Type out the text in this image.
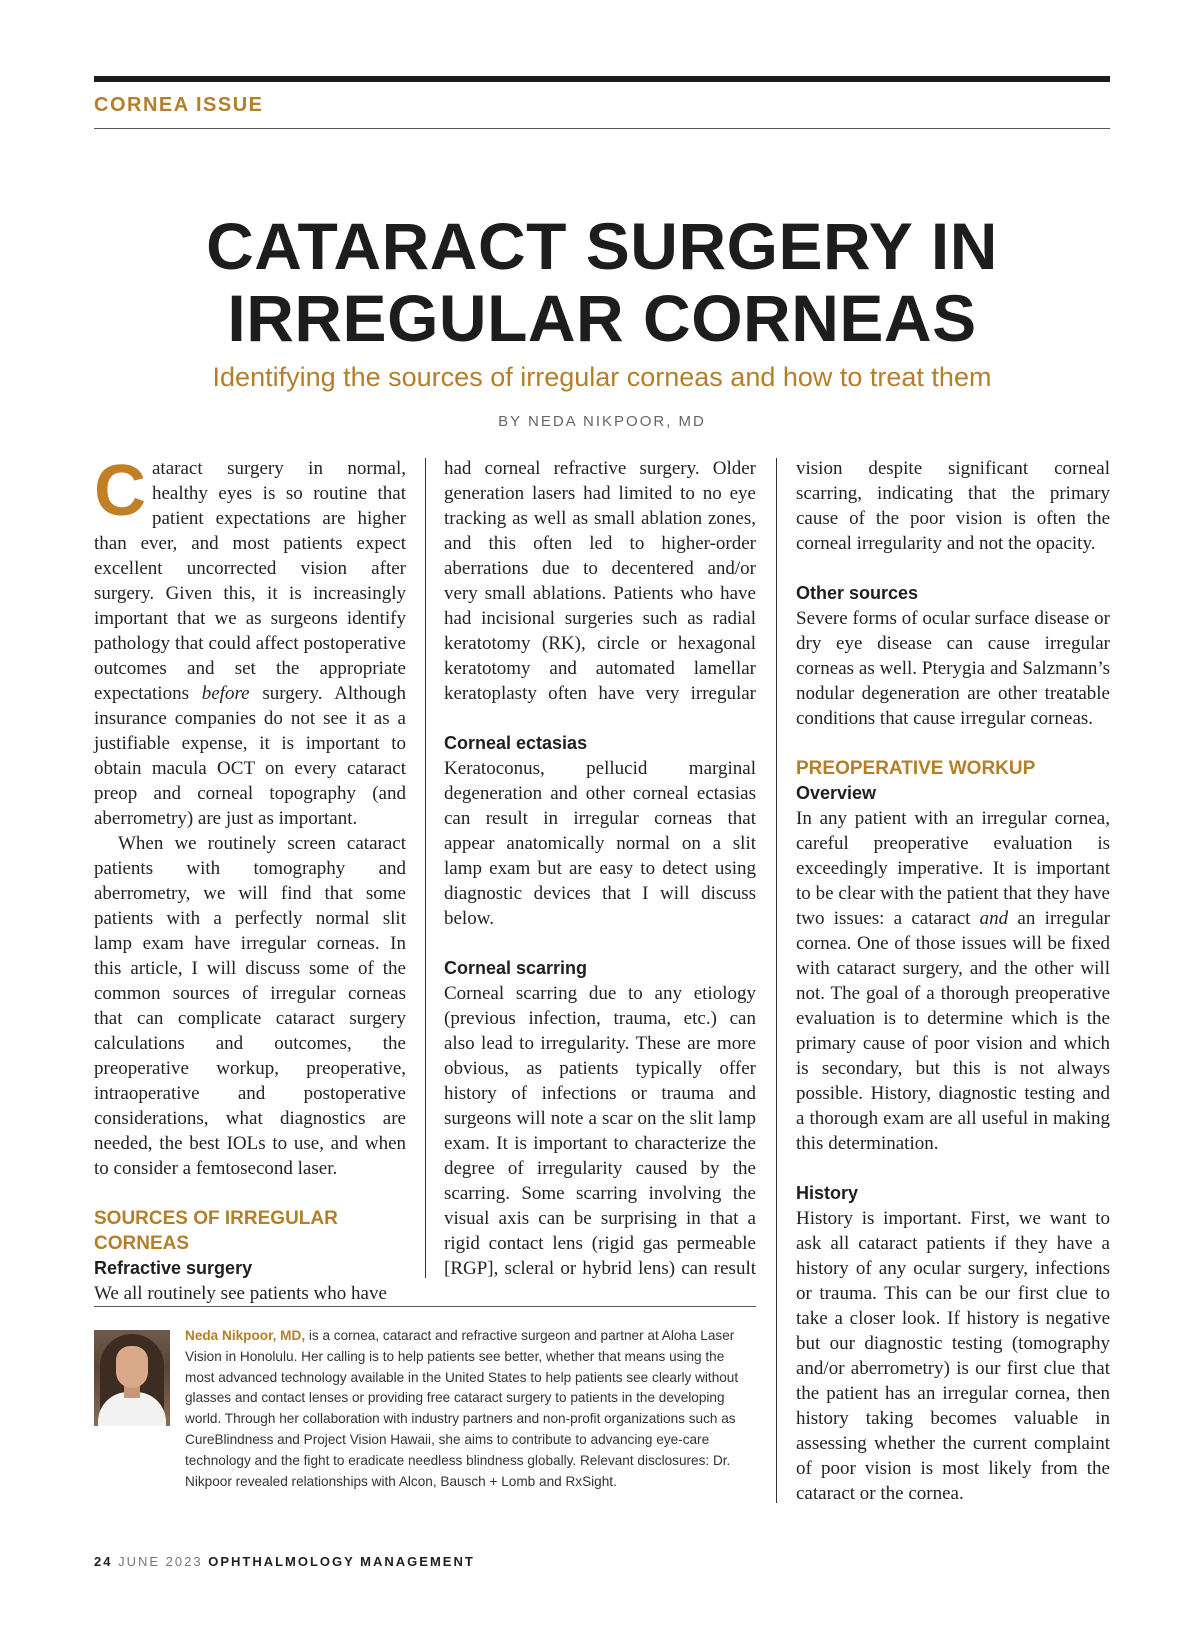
CORNEA ISSUE
CATARACT SURGERY IN
IRREGULAR CORNEAS
Identifying the sources of irregular corneas and how to treat them
BY NEDA NIKPOOR, MD

Cataract surgery in normal, healthy eyes is so routine that patient expectations are higher than ever, and most patients expect excellent uncorrected vision after surgery. Given this, it is increasingly important that we as surgeons identify pathology that could affect postoperative outcomes and set the appropriate expectations before surgery. Although insurance companies do not see it as a justifiable expense, it is important to obtain macula OCT on every cataract preop and corneal topography (and aberrometry) are just as important.

When we routinely screen cataract patients with tomography and aberrometry, we will find that some patients with a perfectly normal slit lamp exam have irregular corneas. In this article, I will discuss some of the common sources of irregular corneas that can complicate cataract surgery calculations and outcomes, the preoperative workup, preoperative, intraoperative and postoperative considerations, what diagnostics are needed, the best IOLs to use, and when to consider a femtosecond laser.

SOURCES OF IRREGULAR CORNEAS

Refractive surgery

We all routinely see patients who have

had corneal refractive surgery. Older generation lasers had limited to no eye tracking as well as small ablation zones, and this often led to higher-order aberrations due to decentered and/or very small ablations. Patients who have had incisional surgeries such as radial keratotomy (RK), circle or hexagonal keratotomy and automated lamellar keratoplasty often have very irregular

Corneal ectasias

Keratoconus, pellucid marginal degeneration and other corneal ectasias can result in irregular corneas that appear anatomically normal on a slit lamp exam but are easy to detect using diagnostic devices that I will discuss below.

Corneal scarring

Corneal scarring due to any etiology (previous infection, trauma, etc.) can also lead to irregularity. These are more obvious, as patients typically offer history of infections or trauma and surgeons will note a scar on the slit lamp exam. It is important to characterize the degree of irregularity caused by the scarring. Some scarring involving the visual axis can be surprising in that a rigid contact lens (rigid gas permeable [RGP], scleral or hybrid lens) can result

vision despite significant corneal scarring, indicating that the primary cause of the poor vision is often the corneal irregularity and not the opacity.

Other sources

Severe forms of ocular surface disease or dry eye disease can cause irregular corneas as well. Pterygia and Salzmann’s nodular degeneration are other treatable conditions that cause irregular corneas.

PREOPERATIVE WORKUP

Overview

In any patient with an irregular cornea, careful preoperative evaluation is exceedingly imperative. It is important to be clear with the patient that they have two issues: a cataract and an irregular cornea. One of those issues will be fixed with cataract surgery, and the other will not. The goal of a thorough preoperative evaluation is to determine which is the primary cause of poor vision and which is secondary, but this is not always possible. History, diagnostic testing and a thorough exam are all useful in making this determination.

History

History is important. First, we want to ask all cataract patients if they have a history of any ocular surgery, infections or trauma. This can be our first clue to take a closer look. If history is negative but our diagnostic testing (tomography and/or aberrometry) is our first clue that the patient has an irregular cornea, then history taking becomes valuable in assessing whether the current complaint of poor vision is most likely from the cataract or the cornea.

Neda Nikpoor, MD, is a cornea, cataract and refractive surgeon and partner at Aloha Laser Vision in Honolulu. Her calling is to help patients see better, whether that means using the most advanced technology available in the United States to help patients see clearly without glasses and contact lenses or providing free cataract surgery to patients in the developing world. Through her collaboration with industry partners and non-profit organizations such as CureBlindness and Project Vision Hawaii, she aims to contribute to advancing eye-care technology and the fight to eradicate needless blindness globally. Relevant disclosures: Dr. Nikpoor revealed relationships with Alcon, Bausch + Lomb and RxSight.
24 JUNE 2023 OPHTHALMOLOGY MANAGEMENT
